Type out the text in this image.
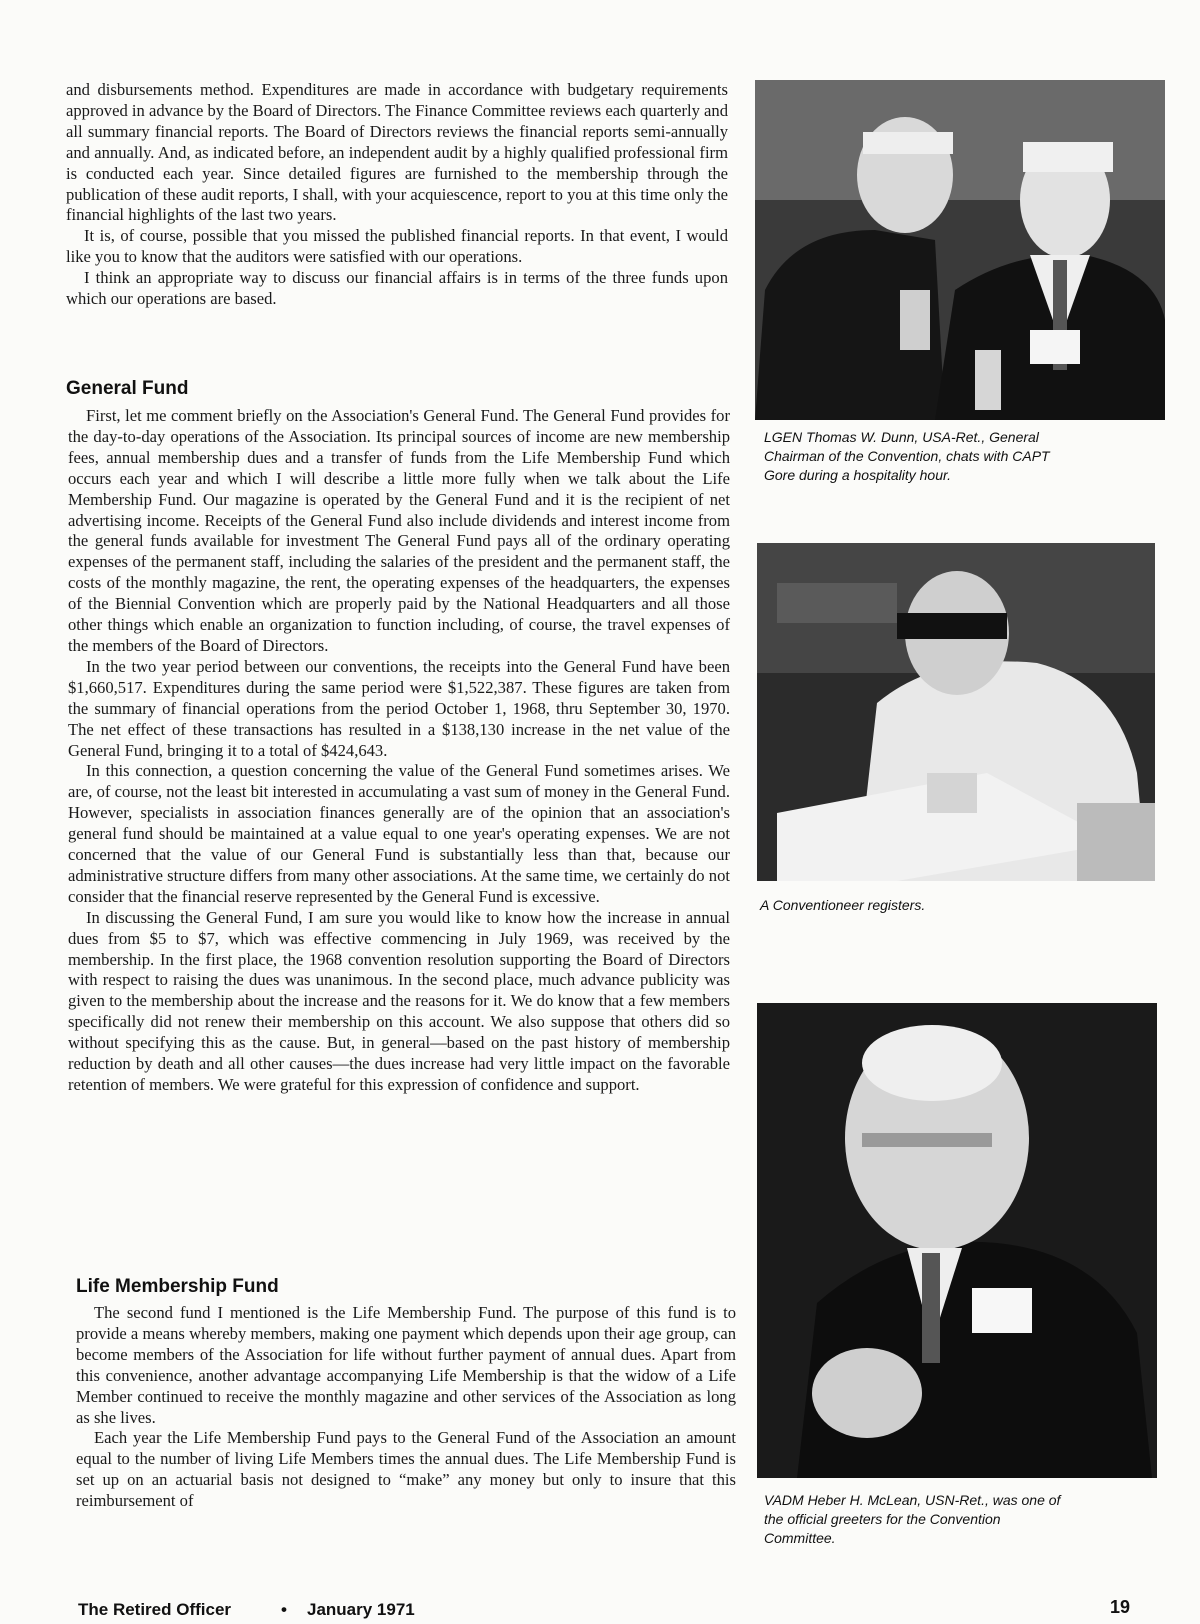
and disbursements method. Expenditures are made in accordance with budgetary requirements approved in advance by the Board of Directors. The Finance Committee reviews each quarterly and all summary financial reports. The Board of Directors reviews the financial reports semi-annually and annually. And, as indicated before, an independent audit by a highly qualified professional firm is conducted each year. Since detailed figures are furnished to the membership through the publication of these audit reports, I shall, with your acquiescence, report to you at this time only the financial highlights of the last two years.

It is, of course, possible that you missed the published financial reports. In that event, I would like you to know that the auditors were satisfied with our operations.

I think an appropriate way to discuss our financial affairs is in terms of the three funds upon which our operations are based.

General Fund

First, let me comment briefly on the Association's General Fund. The General Fund provides for the day-to-day operations of the Association. Its principal sources of income are new membership fees, annual membership dues and a transfer of funds from the Life Membership Fund which occurs each year and which I will describe a little more fully when we talk about the Life Membership Fund. Our magazine is operated by the General Fund and it is the recipient of net advertising income. Receipts of the General Fund also include dividends and interest income from the general funds available for investment The General Fund pays all of the ordinary operating expenses of the permanent staff, including the salaries of the president and the permanent staff, the costs of the monthly magazine, the rent, the operating expenses of the headquarters, the expenses of the Biennial Convention which are properly paid by the National Headquarters and all those other things which enable an organization to function including, of course, the travel expenses of the members of the Board of Directors.

In the two year period between our conventions, the receipts into the General Fund have been $1,660,517. Expenditures during the same period were $1,522,387. These figures are taken from the summary of financial operations from the period October 1, 1968, thru September 30, 1970. The net effect of these transactions has resulted in a $138,130 increase in the net value of the General Fund, bringing it to a total of $424,643.

In this connection, a question concerning the value of the General Fund sometimes arises. We are, of course, not the least bit interested in accumulating a vast sum of money in the General Fund. However, specialists in association finances generally are of the opinion that an association's general fund should be maintained at a value equal to one year's operating expenses. We are not concerned that the value of our General Fund is substantially less than that, because our administrative structure differs from many other associations. At the same time, we certainly do not consider that the financial reserve represented by the General Fund is excessive.

In discussing the General Fund, I am sure you would like to know how the increase in annual dues from $5 to $7, which was effective commencing in July 1969, was received by the membership. In the first place, the 1968 convention resolution supporting the Board of Directors with respect to raising the dues was unanimous. In the second place, much advance publicity was given to the membership about the increase and the reasons for it. We do know that a few members specifically did not renew their membership on this account. We also suppose that others did so without specifying this as the cause. But, in general—based on the past history of membership reduction by death and all other causes—the dues increase had very little impact on the favorable retention of members. We were grateful for this expression of confidence and support.

Life Membership Fund

The second fund I mentioned is the Life Membership Fund. The purpose of this fund is to provide a means whereby members, making one payment which depends upon their age group, can become members of the Association for life without further payment of annual dues. Apart from this convenience, another advantage accompanying Life Membership is that the widow of a Life Member continued to receive the monthly magazine and other services of the Association as long as she lives.

Each year the Life Membership Fund pays to the General Fund of the Association an amount equal to the number of living Life Members times the annual dues. The Life Membership Fund is set up on an actuarial basis not designed to “make” any money but only to insure that this reimbursement of

LGEN Thomas W. Dunn, USA-Ret., General Chairman of the Convention, chats with CAPT Gore during a hospitality hour.
A Conventioneer registers.
VADM Heber H. McLean, USN-Ret., was one of the official greeters for the Convention Committee.
The Retired Officer	• January 1971	19
